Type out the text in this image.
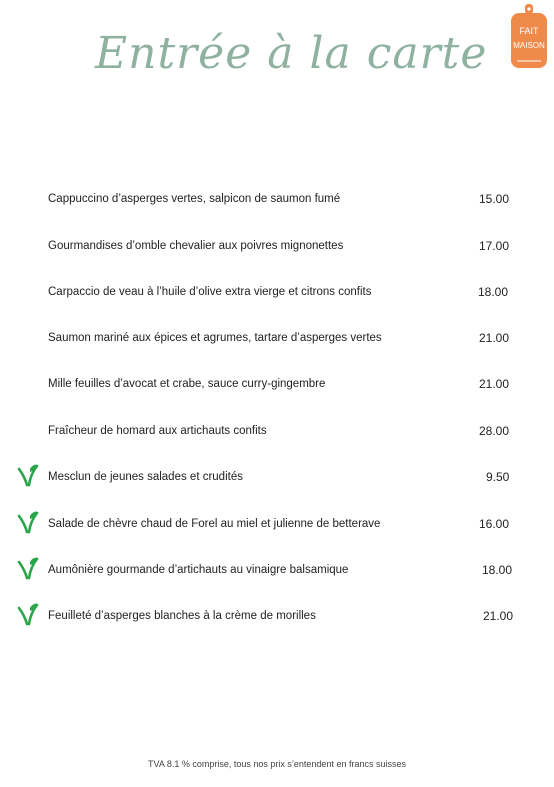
Entrée à la carte	FAIT
MAISON
Cappuccino d’asperges vertes, salpicon de saumon fumé	15.00
Gourmandises d’omble chevalier aux poivres mignonettes	17.00
Carpaccio de veau à l’huile d’olive extra vierge et citrons confits	18.00
Saumon mariné aux épices et agrumes, tartare d’asperges vertes	21.00
Mille feuilles d’avocat et crabe, sauce curry-gingembre	21.00
Fraîcheur de homard aux artichauts confits	28.00
Mesclun de jeunes salades et crudités	9.50
Salade de chèvre chaud de Forel au miel et julienne de betterave	16.00
Aumônière gourmande d’artichauts au vinaigre balsamique	18.00
Feuilleté d’asperges blanches à la crème de morilles	21.00
TVA 8.1 % comprise, tous nos prix s’entendent en francs suisses
